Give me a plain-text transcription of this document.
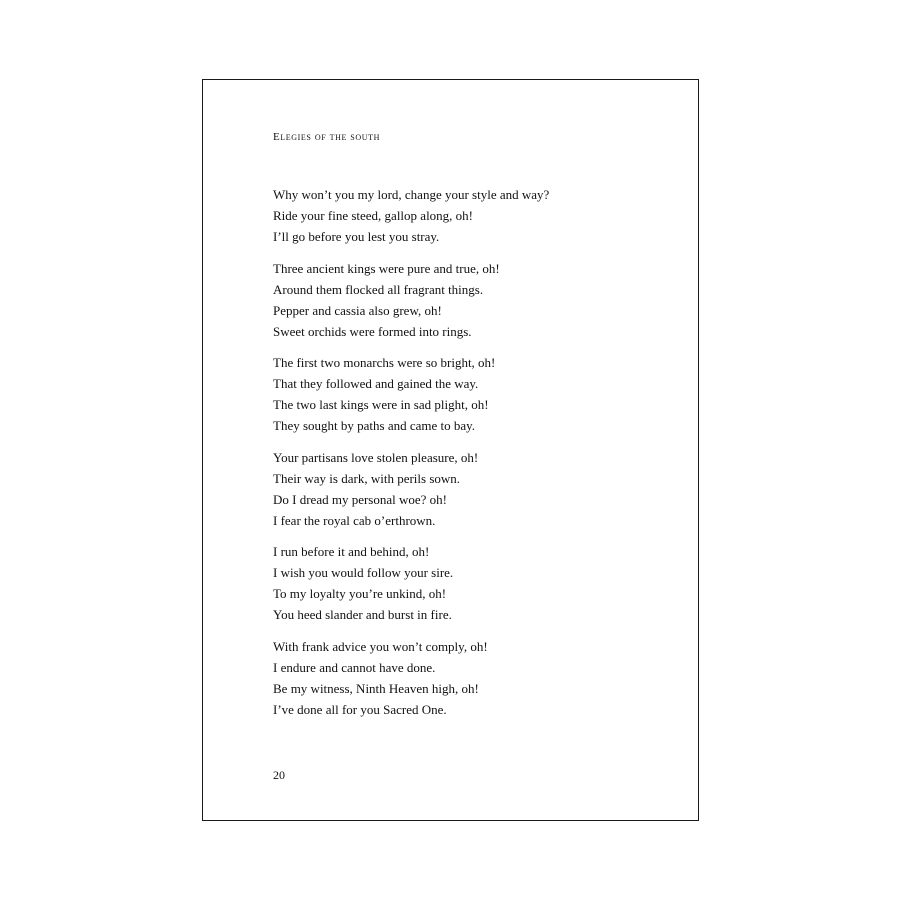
Elegies of the south
Why won’t you my lord, change your style and way?
Ride your fine steed, gallop along, oh!
I’ll go before you lest you stray.
Three ancient kings were pure and true, oh!
Around them flocked all fragrant things.
Pepper and cassia also grew, oh!
Sweet orchids were formed into rings.
The first two monarchs were so bright, oh!
That they followed and gained the way.
The two last kings were in sad plight, oh!
They sought by paths and came to bay.
Your partisans love stolen pleasure, oh!
Their way is dark, with perils sown.
Do I dread my personal woe? oh!
I fear the royal cab o’erthrown.
I run before it and behind, oh!
I wish you would follow your sire.
To my loyalty you’re unkind, oh!
You heed slander and burst in fire.
With frank advice you won’t comply, oh!
I endure and cannot have done.
Be my witness, Ninth Heaven high, oh!
I’ve done all for you Sacred One.
20
